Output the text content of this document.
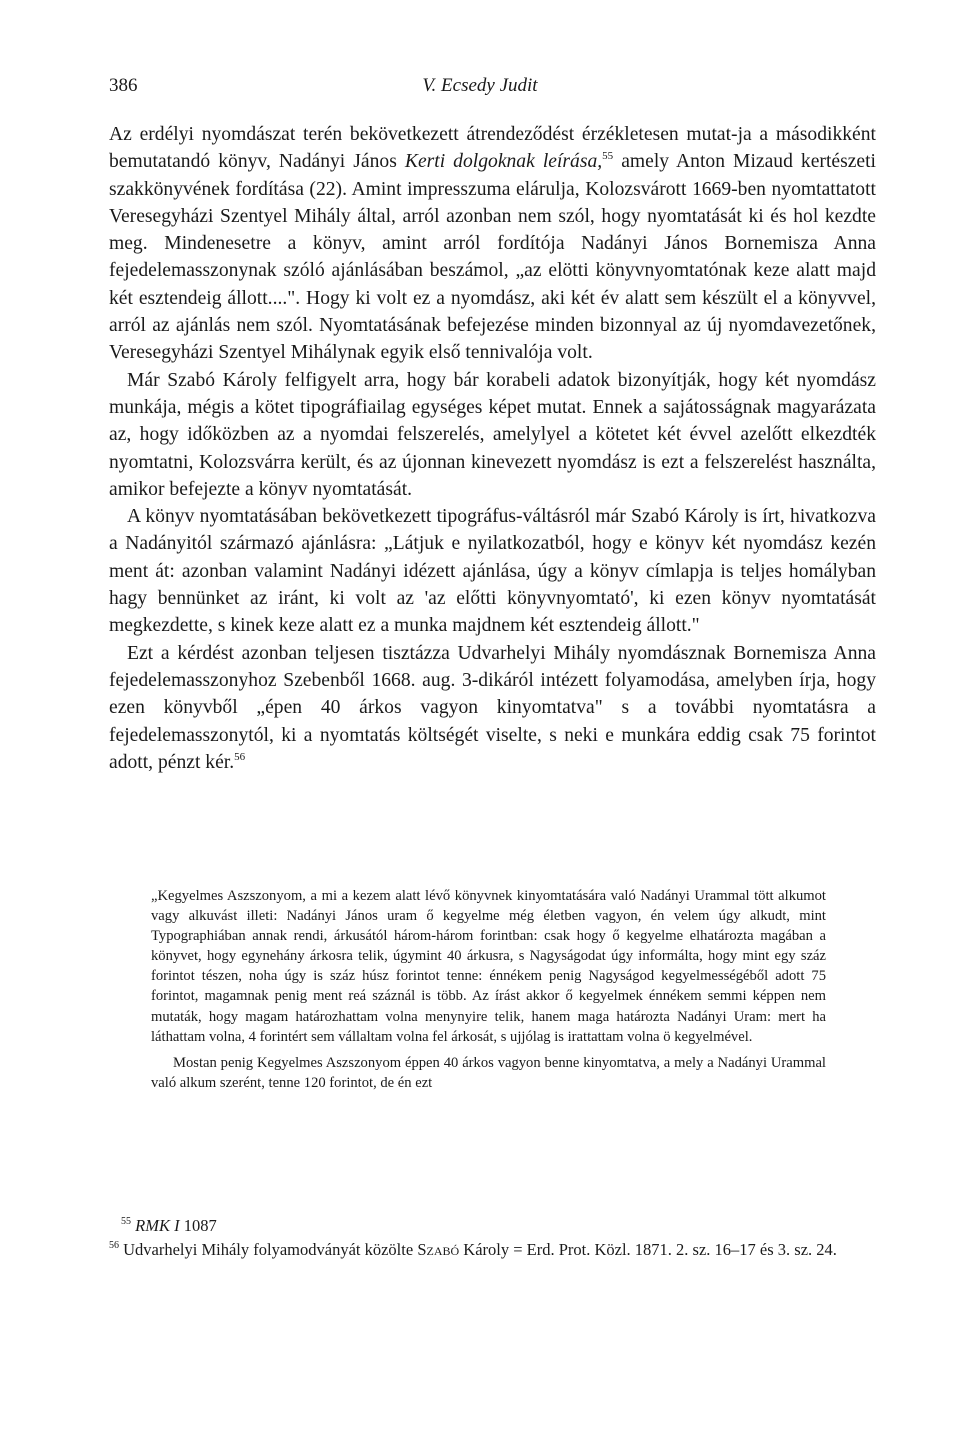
386	V. Ecsedy Judit

Az erdélyi nyomdászat terén bekövetkezett átrendeződést érzékletesen mutat-ja a másodikként bemutatandó könyv, Nadányi János Kerti dolgoknak leírása,$^{55}$ amely Anton Mizaud kertészeti szakkönyvének fordítása (22). Amint impresszuma elárulja, Kolozsvárott 1669-ben nyomtattatott Veresegyházi Szentyel Mihály által, arról azonban nem szól, hogy nyomtatását ki és hol kezdte meg. Mindenesetre a könyv, amint arról fordítója Nadányi János Bornemisza Anna fejedelemasszonynak szóló ajánlásában beszámol, „az elötti könyvnyomtatónak keze alatt majd két esztendeig állott....". Hogy ki volt ez a nyomdász, aki két év alatt sem készült el a könyvvel, arról az ajánlás nem szól. Nyomtatásának befejezése minden bizonnyal az új nyomdavezetőnek, Veresegyházi Szentyel Mihálynak egyik első tennivalója volt.

Már Szabó Károly felfigyelt arra, hogy bár korabeli adatok bizonyítják, hogy két nyomdász munkája, mégis a kötet tipográfiailag egységes képet mutat. Ennek a sajátosságnak magyarázata az, hogy időközben az a nyomdai felszerelés, amelylyel a kötetet két évvel azelőtt elkezdték nyomtatni, Kolozsvárra került, és az újonnan kinevezett nyomdász is ezt a felszerelést használta, amikor befejezte a könyv nyomtatását.

A könyv nyomtatásában bekövetkezett tipográfus-váltásról már Szabó Károly is írt, hivatkozva a Nadányitól származó ajánlásra: „Látjuk e nyilatkozatból, hogy e könyv két nyomdász kezén ment át: azonban valamint Nadányi idézett ajánlása, úgy a könyv címlapja is teljes homályban hagy bennünket az iránt, ki volt az 'az előtti könyvnyomtató', ki ezen könyv nyomtatását megkezdette, s kinek keze alatt ez a munka majdnem két esztendeig állott."

Ezt a kérdést azonban teljesen tisztázza Udvarhelyi Mihály nyomdásznak Bornemisza Anna fejedelemasszonyhoz Szebenből 1668. aug. 3-dikáról intézett folyamodása, amelyben írja, hogy ezen könyvből „épen 40 árkos vagyon kinyomtatva" s a további nyomtatásra a fejedelemasszonytól, ki a nyomtatás költségét viselte, s neki e munkára eddig csak 75 forintot adott, pénzt kér.$^{56}$

„Kegyelmes Aszszonyom, a mi a kezem alatt lévő könyvnek kinyomtatására való Nadányi Urammal tött alkumot vagy alkuvást illeti: Nadányi János uram ő kegyelme még életben vagyon, én velem úgy alkudt, mint Typographiában annak rendi, árkusától három-három forintban: csak hogy ő kegyelme elhatározta magában a könyvet, hogy egynehány árkosra telik, úgymint 40 árkusra, s Nagyságodat úgy informálta, hogy mint egy száz forintot tészen, noha úgy is száz húsz forintot tenne: énnékem penig Nagyságod kegyelmességéből adott 75 forintot, magamnak penig ment reá száznál is több. Az írást akkor ő kegyelmek énnékem semmi képpen nem mutaták, hogy magam határozhattam volna menynyire telik, hanem maga határozta Nadányi Uram: mert ha láthattam volna, 4 forintért sem vállaltam volna fel árkosát, s ujjólag is irattattam volna ö kegyelmével.

Mostan penig Kegyelmes Aszszonyom éppen 40 árkos vagyon benne kinyomtatva, a mely a Nadányi Urammal való alkum szerént, tenne 120 forintot, de én ezt

$^{55}$ RMK I 1087

$^{56}$ Udvarhelyi Mihály folyamodványát közölte Szabó Károly = Erd. Prot. Közl. 1871. 2. sz. 16–17 és 3. sz. 24.
